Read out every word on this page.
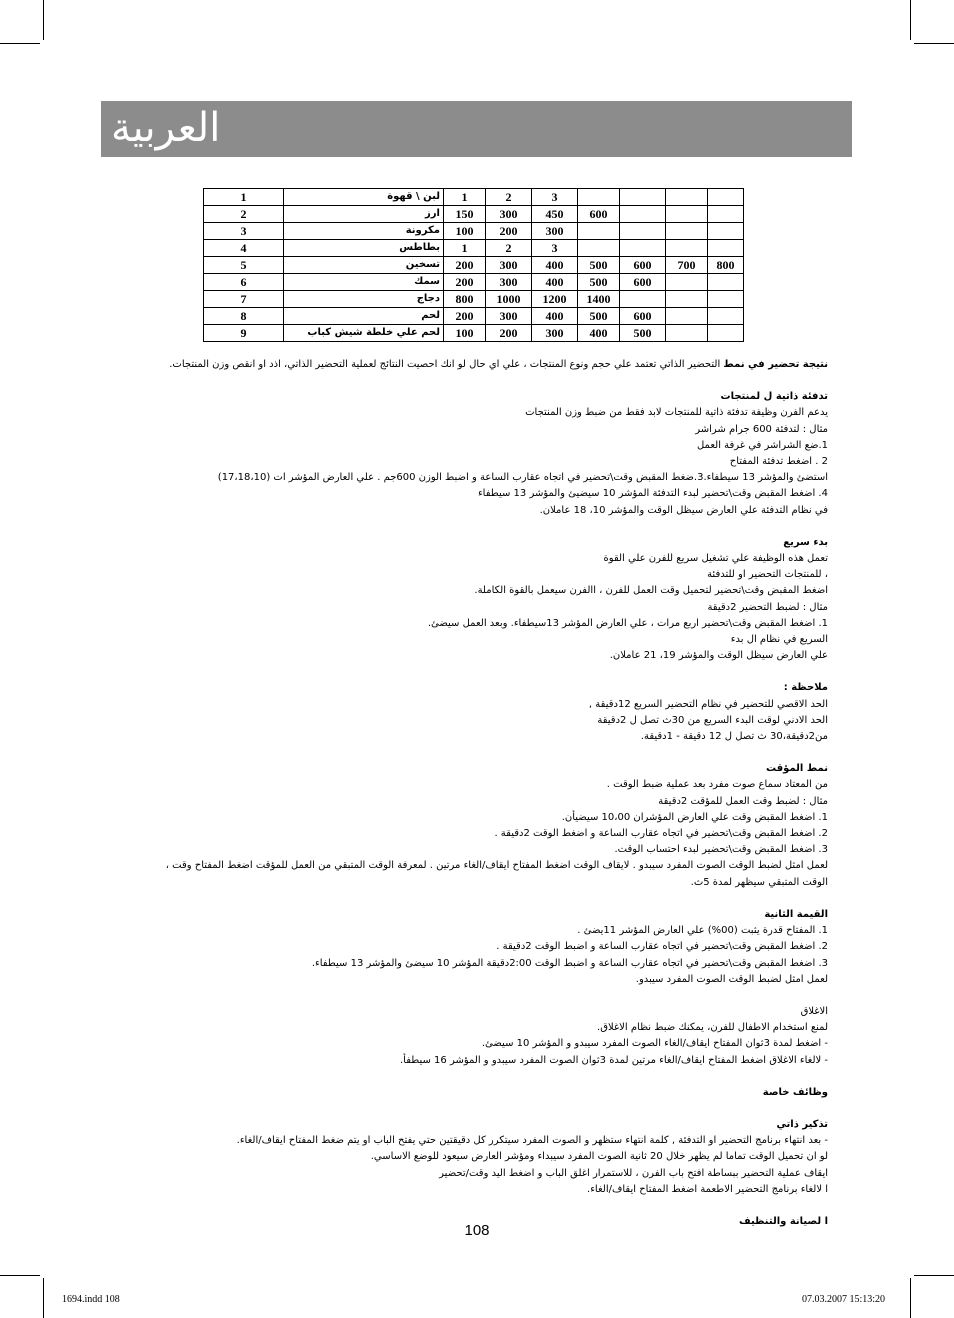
العربية
1	لبن \ قهوة	1	2	3				
2	ارز	150	300	450	600			
3	مكرونة	100	200	300				
4	بطاطس	1	2	3				
5	تسخين	200	300	400	500	600	700	800
6	سمك	200	300	400	500	600		
7	دجاج	800	1000	1200	1400			
8	لحم	200	300	400	500	600		
9	لحم علي خلطة شيش كباب	100	200	300	400	500		
نتيجة تحضير في نمط التحضير الذاتي تعتمد علي حجم ونوع المنتجات ، علي اي حال لو انك احصيت النتائج لعملية التحضير الذاتي، اذد او انقص وزن المنتجات.
تدفئة ذاتية ل لمنتجات
يدعم الفرن وظيفة تدفئة ذاتية للمنتجات لابد فقط من ضبط وزن المنتجات
مثال : لتدفئة 600 جرام شراشر
1.ضع الشراشر في غرفة العمل
2 . اضغط تدفئة المفتاح
استضئ والمؤشر 13 سيطفاء.3.ضغط المقبض وقت\تحضير في اتجاه عقارب الساعة و اضبط الوزن 600جم . علي العارض المؤشر ات (17،18،10)
4. اضغط المقبض وقت\تحضير لبدء التدفئة المؤشر 10 سيضيئ والمؤشر 13 سيطفاء
في نظام التدفئة علي العارض سيظل الوقت والمؤشر 10، 18 عاملان.
بدء سريع
تعمل هذه الوظيفة علي تشغيل سريع للفرن علي القوة
، للمنتجات التحضير او للتدفئة
اضغط المقبض وقت\تحضير لتحميل وقت العمل للفرن ، االفرن سيعمل بالقوة الكاملة.
مثال : لضبط التحضير 2دقيقة
1. اضغط المقبض وقت\تحضير اربع مرات ، علي العارض المؤشر 13سيطفاء. وبعد العمل سيضئ.
السريع في نظام ال بدء
علي العارض سيظل الوقت والمؤشر 19، 21 عاملان.
ملاحظة :
الحد الاقصي للتحضير في نظام التحضير السريع 12دقيقة ,
الحد الادني لوقت البدء السريع من 30ث تصل ل 2دقيقة
من2دقيقة،30 ث تصل ل 12 دقيقة - 1دقيقة.
نمط المؤقت
من المعتاد سماع صوت مفرد بعد عملية ضبط الوقت .
مثال : لضبط وقت العمل للمؤقت 2دقيقة
1. اضغط المقبض وقت علي العارض المؤشران 10،00 سيضيأن.
2. اضغط المقبض وقت\تحضير في اتجاه عقارب الساعة و اضغط الوقت 2دقيقة .
3. اضغط المقبض وقت\تحضير لبدء احتساب الوقت.
لعمل امثل لضبط الوقت الصوت المفرد سيبدو . لايقاف الوقت اضغط المفتاح ايقاف/الغاء مرتين . لمعرفة الوقت المتبقي من العمل للمؤقت اضغط المفتاح وقت ،
الوقت المتبقي سيظهر لمدة 5ث.
القيمة الثانية
1. المفتاح قدرة يثبت (00%) علي العارض المؤشر 11يضئ .
2. اضغط المقبض وقت\تحضير في اتجاه عقارب الساعة و اضبط الوقت 2دقيقة .
3. اضغط المقبض وقت\تحضير في اتجاه عقارب الساعة و اضبط الوقت 2:00دقيقة المؤشر 10 سيضئ والمؤشر 13 سيطفاء.
لعمل امثل لضبط الوقت الصوت المفرد سيبدو.
الاغلاق
لمنع استخدام الاطفال للفرن، يمكنك ضبط نظام الاغلاق.
- اضغط لمدة 3ثوان المفتاح ايقاف/الغاء الصوت المفرد سيبدو و المؤشر 10 سيضئ.
- لالغاء الاغلاق اضغط المفتاح ايقاف/الغاء مرتين لمدة 3ثوان الصوت المفرد سيبدو و المؤشر 16 سيطفأ.
وظائف خاصة
تذكير ذاتي
- بعد انتهاء برنامج التحضير او التدفئة , كلمة انتهاء ستظهر و الصوت المفرد سيتكرر كل دقيقتين حتي يفتح الباب او يتم ضغط المفتاح ايقاف/الغاء.
لو ان تحميل الوقت تماما لم يظهر خلال 20 ثانية الصوت المفرد سيبداء ومؤشر العارض سيعود للوضع الاساسي.
ايقاف عملية التحضير ببساطة افتح باب الفرن ، للاستمرار اغلق الباب و اضغط اليد وقت/تحضير
ا لالغاء برنامج التحضير الاطعمة اضغط المفتاح ايقاف/الغاء.
ا لصيانة والتنظيف
108
1694.indd 108	07.03.2007 15:13:20
